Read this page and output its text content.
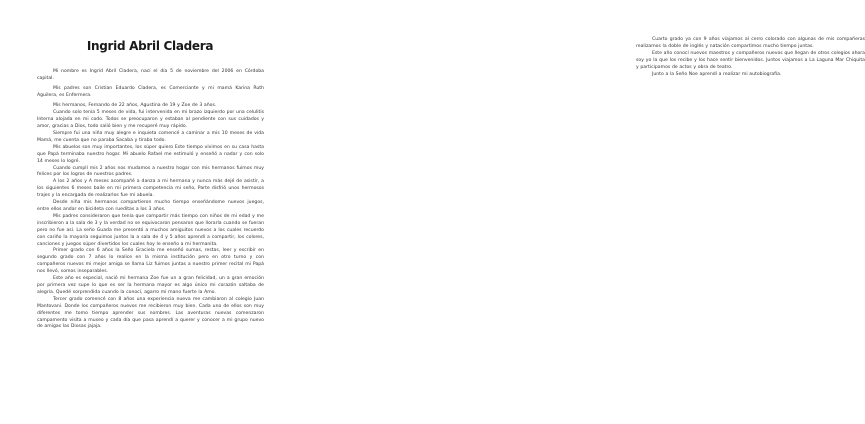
Ingrid Abril Cladera

Mi nombre es Ingrid Abril Cladera, nací el día 5 de noviembre del 2006 en Córdoba capital.

Mis padres son Cristian Eduardo Cladera, es Comerciante y mi mamá Karina Ruth Aguilera, es Enfermera.

Mis hermanos, Fernando de 22 años, Agustina de 19 y Zoe de 3 años.

Cuando solo tenía 5 meses de vida, fui intervenida en mi brazo izquierdo por una celulitis Interna alojada en mi codo. Todos se preocuparon y estaban al pendiente con sus cuidados y amor, gracias a Dios, todo salió bien y me recuperé muy rápido.

Siempre fui una niña muy alegre e inquieta comencé a caminar a mis 10 meses de vida Mamá, me cuenta que no paraba Sacaba y tiraba todo.

Mis abuelos son muy importantes, los súper quiero Este tiempo vivimos en su casa hasta que Papá terminaba nuestro hogar. Mi abuelo Rafael me estimuló y enseñó a nadar y con solo 14 meses lo logré.

Cuando cumplí mis 2 años nos mudamos a nuestro hogar con mis hermanos fuimos muy felices por los logros de nuestros padres.

A los 2 años y A meses acompañé a danza a mi hermana y nunca más dejé de asistir, a los siguientes 6 meses baile en mi primera competencia mi seño, Parte disfrió unos hermosos trajes y la encargada de realizarlos fue mi abuela.

Desde niña mis hermanos compartieron mucho tiempo enseñándome nuevos juegos, entre ellos andar en bicideta con rueditas a los 3 años.

Mis padres consideraron que tenía que compartir más tiempo con niños de mi edad y me inscribieron a la sala de 3 y la verdad no se equivocaron pensaron que llorarla cuando se fueran pero no fue así. La seño Guada me presentó a muchos amiguitos nuevos a los cuales recuerdo con cariño la mayoría seguimos juntos la a sala de 4 y 5 años aprendí a compartir, los colores, canciones y juegos súper divertidos los cuales hoy le enseño a mi hermanita.

Primer grado con 6 años la Seño Graciela me enseñó sumas, restas, leer y escribir en segundo grado con 7 años lo realice en la misma institución pero en otro turno y con compañeros nuevos mi mejor amiga se llama Liz fuimos juntas a nuestro primer recital mi Papá nos llevó, somos inseparables.

Este año es especial, nació mi hermana Zoe fue un a gran felicidad, un a gran emoción por primera vez supe lo que es ser la hermana mayor es algo único mi corazón saltaba de alegría. Quedé sorprendida cuando la conocí, agarro mi mano fuerte la Amo.

Tercer grado comencé con 8 años una experiencia nueva me cambiaron al colegio Juan Mantovani. Donde los compañeros nuevos me recibieron muy bien. Cada uno de ellos son muy diferentes me tomo tiempo aprender sus nombres. Las aventuras nuevas comenzaron campamento visita a museo y cada día que pasa aprendí a querer y conocer a mi grupo nuevo de amigas las Diosas jajaja.

Cuarto grado ya con 9 años viajamos al cerro colorado con algunas de mis compañeras realizamos la doble de inglés y natación compartimos mucho tiempo juntas.

Este año conocí nuevos maestros y compañeros nuevos que llegan de otros colegios ahora soy yo la que los recibe y los hace sentir bienvenidos. Juntos viajamos a La Laguna Mar Chiquita y participamos de actos y obra de teatro.

Junto a la Seño Noe aprendí a realizar mi autobiografía.
